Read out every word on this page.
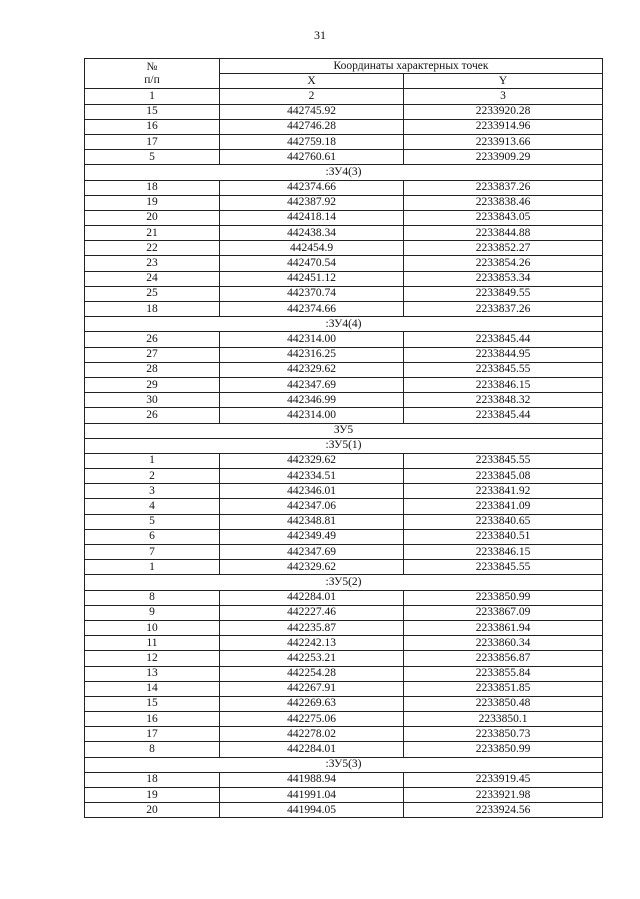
31
№
п/п	Координаты характерных точек	
	X	Y
1	2	3
15	442745.92	2233920.28
16	442746.28	2233914.96
17	442759.18	2233913.66
5	442760.61	2233909.29
:ЗУ4(3)		
18	442374.66	2233837.26
19	442387.92	2233838.46
20	442418.14	2233843.05
21	442438.34	2233844.88
22	442454.9	2233852.27
23	442470.54	2233854.26
24	442451.12	2233853.34
25	442370.74	2233849.55
18	442374.66	2233837.26
:ЗУ4(4)		
26	442314.00	2233845.44
27	442316.25	2233844.95
28	442329.62	2233845.55
29	442347.69	2233846.15
30	442346.99	2233848.32
26	442314.00	2233845.44
ЗУ5		
:ЗУ5(1)		
1	442329.62	2233845.55
2	442334.51	2233845.08
3	442346.01	2233841.92
4	442347.06	2233841.09
5	442348.81	2233840.65
6	442349.49	2233840.51
7	442347.69	2233846.15
1	442329.62	2233845.55
:ЗУ5(2)		
8	442284.01	2233850.99
9	442227.46	2233867.09
10	442235.87	2233861.94
11	442242.13	2233860.34
12	442253.21	2233856.87
13	442254.28	2233855.84
14	442267.91	2233851.85
15	442269.63	2233850.48
16	442275.06	2233850.1
17	442278.02	2233850.73
8	442284.01	2233850.99
:ЗУ5(3)		
18	441988.94	2233919.45
19	441991.04	2233921.98
20	441994.05	2233924.56
